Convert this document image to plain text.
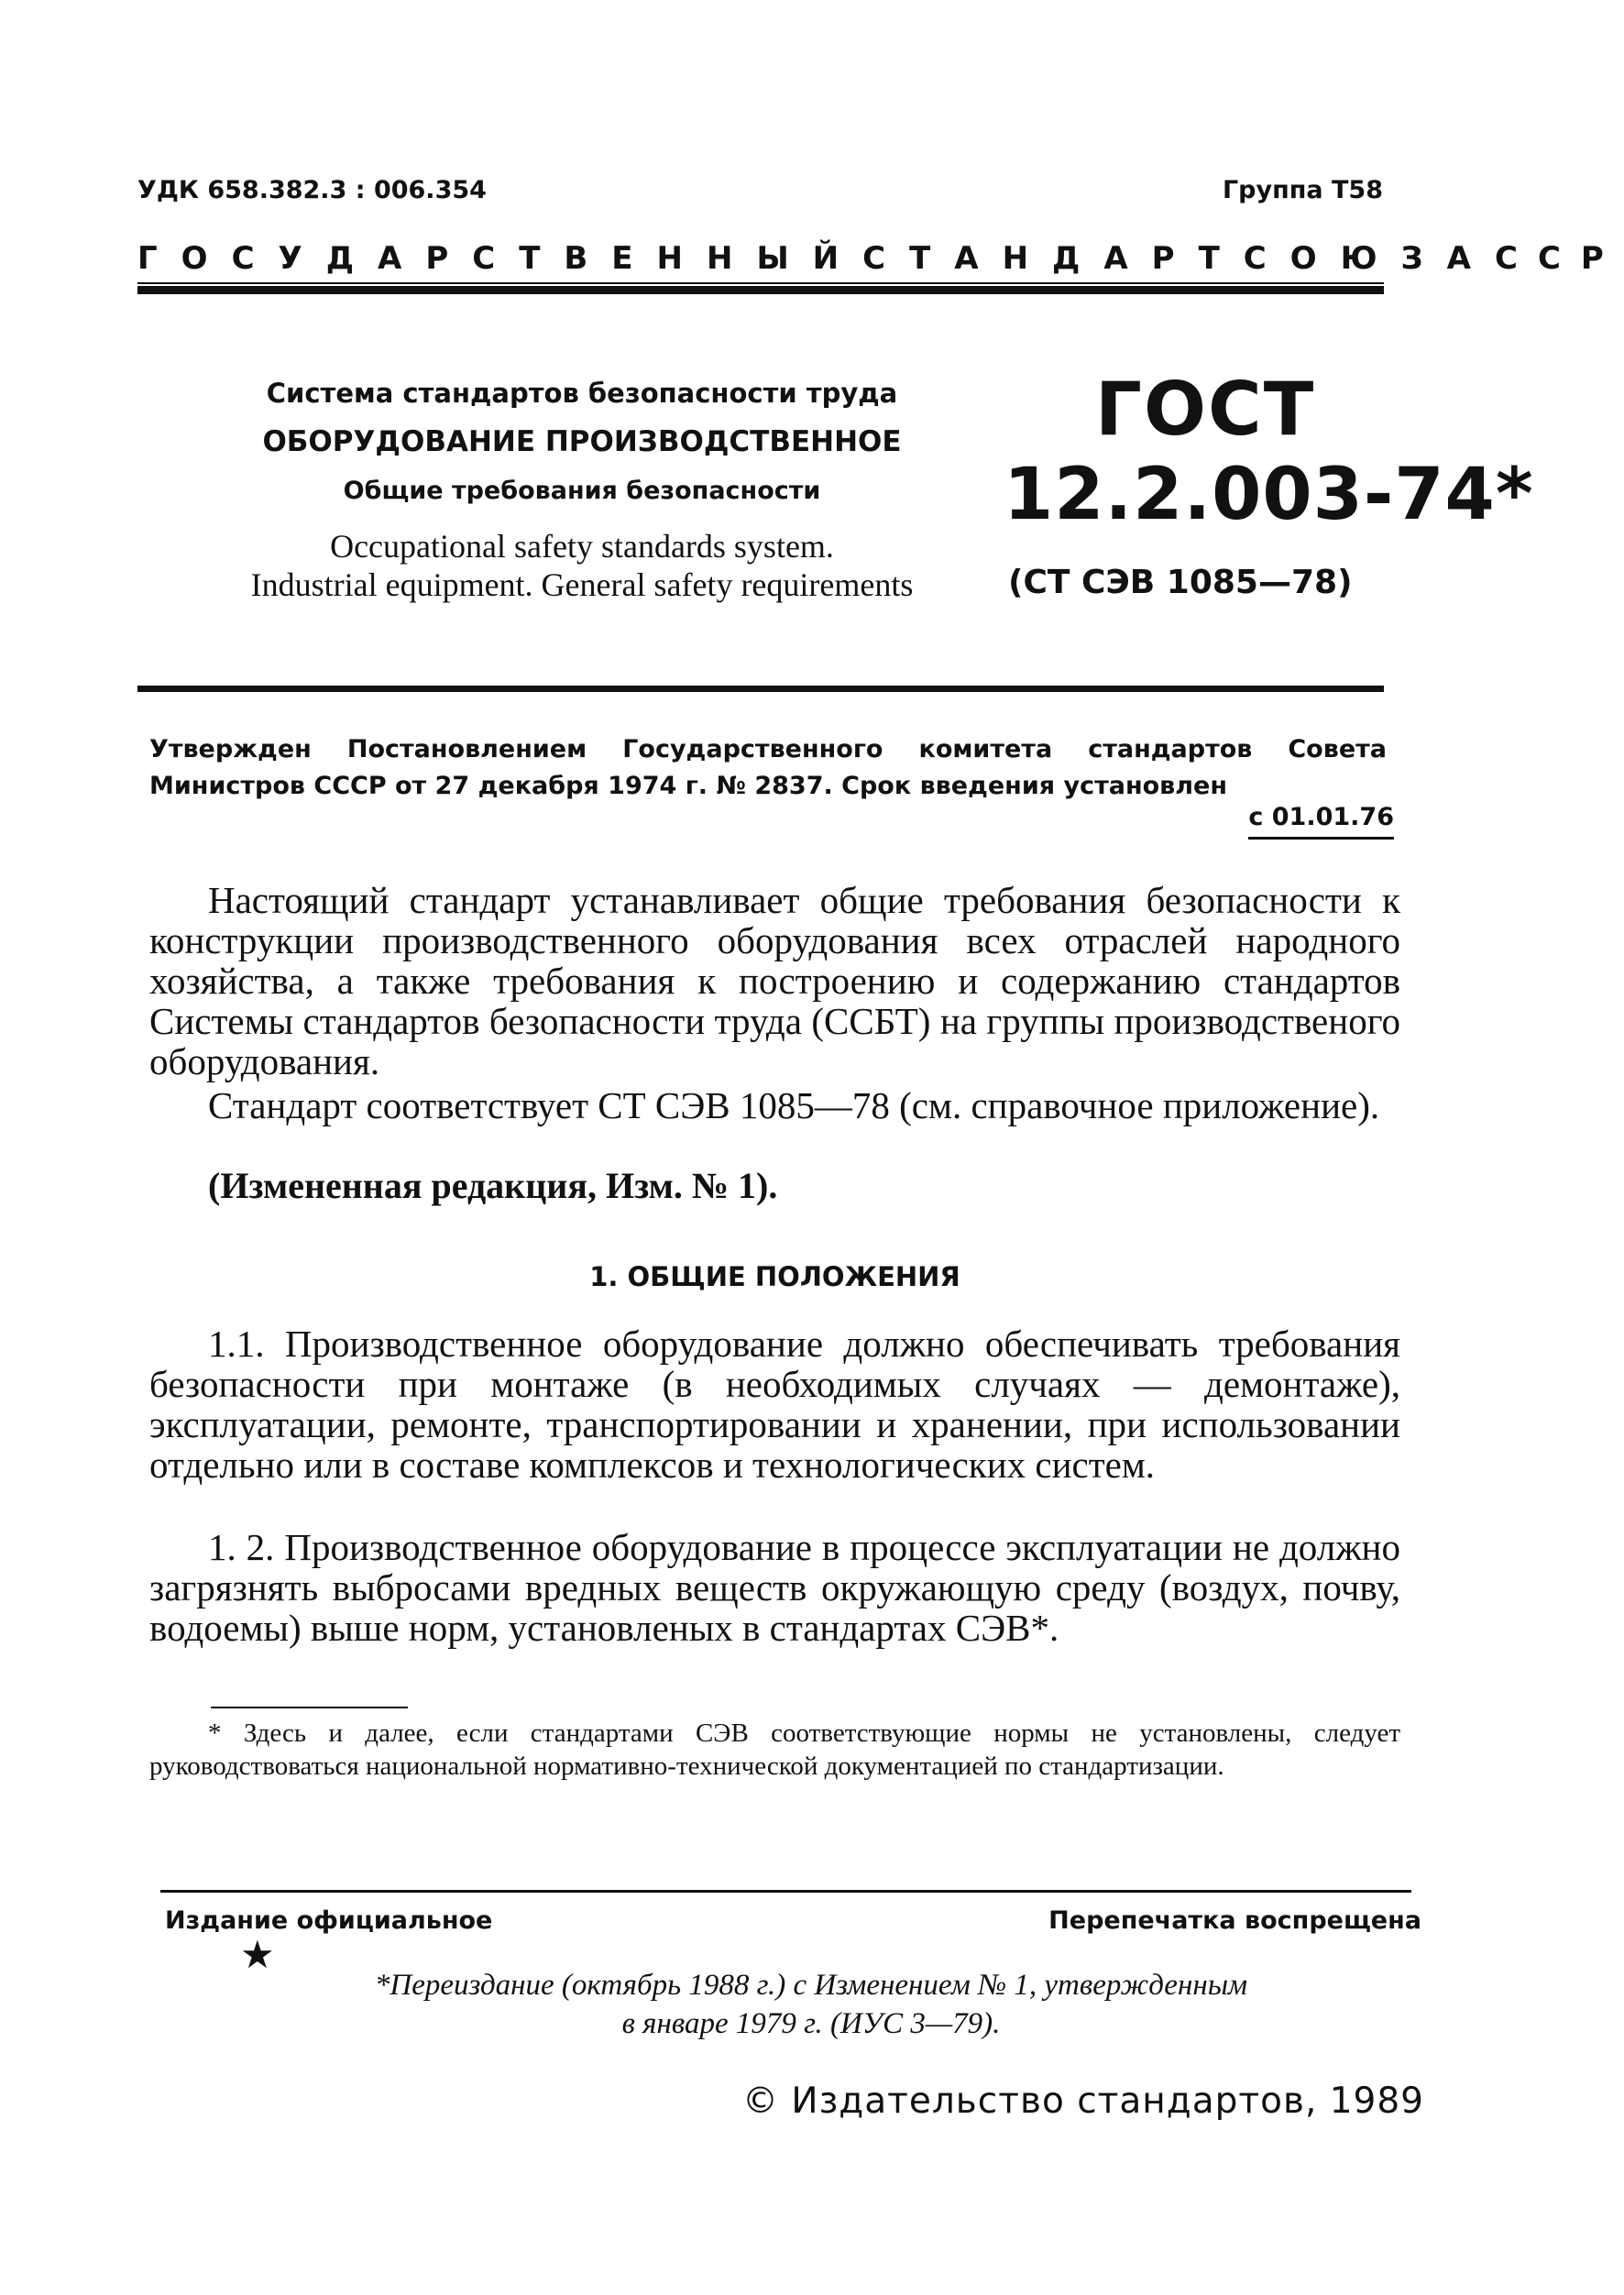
УДК 658.382.3 : 006.354	Группа Т58
ГОСУДАРСТВЕННЫЙ СТАНДАРТ СОЮЗА ССР
Система стандартов безопасности труда
ОБОРУДОВАНИЕ ПРОИЗВОДСТВЕННОЕ
Общие требования безопасности
Occupational safety standards system.
Industrial equipment. General safety requirements
ГОСТ
12.2.003-74*
(СТ СЭВ 1085—78)
Утвержден Постановлением Государственного комитета стандартов Совета Министров СССР от 27 декабря 1974 г. № 2837. Срок введения установлен
с 01.01.76
Настоящий стандарт устанавливает общие требования безопасности к конструкции производственного оборудования всех отраслей народного хозяйства, а также требования к построению и содержанию стандартов Системы стандартов безопасности труда (ССБТ) на группы производственого оборудования.
Стандарт соответствует СТ СЭВ 1085—78 (см. справочное приложение).
(Измененная редакция, Изм. № 1).
1. ОБЩИЕ ПОЛОЖЕНИЯ
1.1. Производственное оборудование должно обеспечивать требования безопасности при монтаже (в необходимых случаях — демонтаже), эксплуатации, ремонте, транспортировании и хранении, при использовании отдельно или в составе комплексов и технологических систем.
1. 2. Производственное оборудование в процессе эксплуатации не должно загрязнять выбросами вредных веществ окружающую среду (воздух, почву, водоемы) выше норм, установленых в стандартах СЭВ*.
* Здесь и далее, если стандартами СЭВ соответствующие нормы не установлены, следует руководствоваться национальной нормативно-технической документацией по стандартизации.
Издание официальное
★
Перепечатка воспрещена
*Переиздание (октябрь 1988 г.) с Изменением № 1, утвержденным
в январе 1979 г. (ИУС 3—79).
© Издательство стандартов, 1989
